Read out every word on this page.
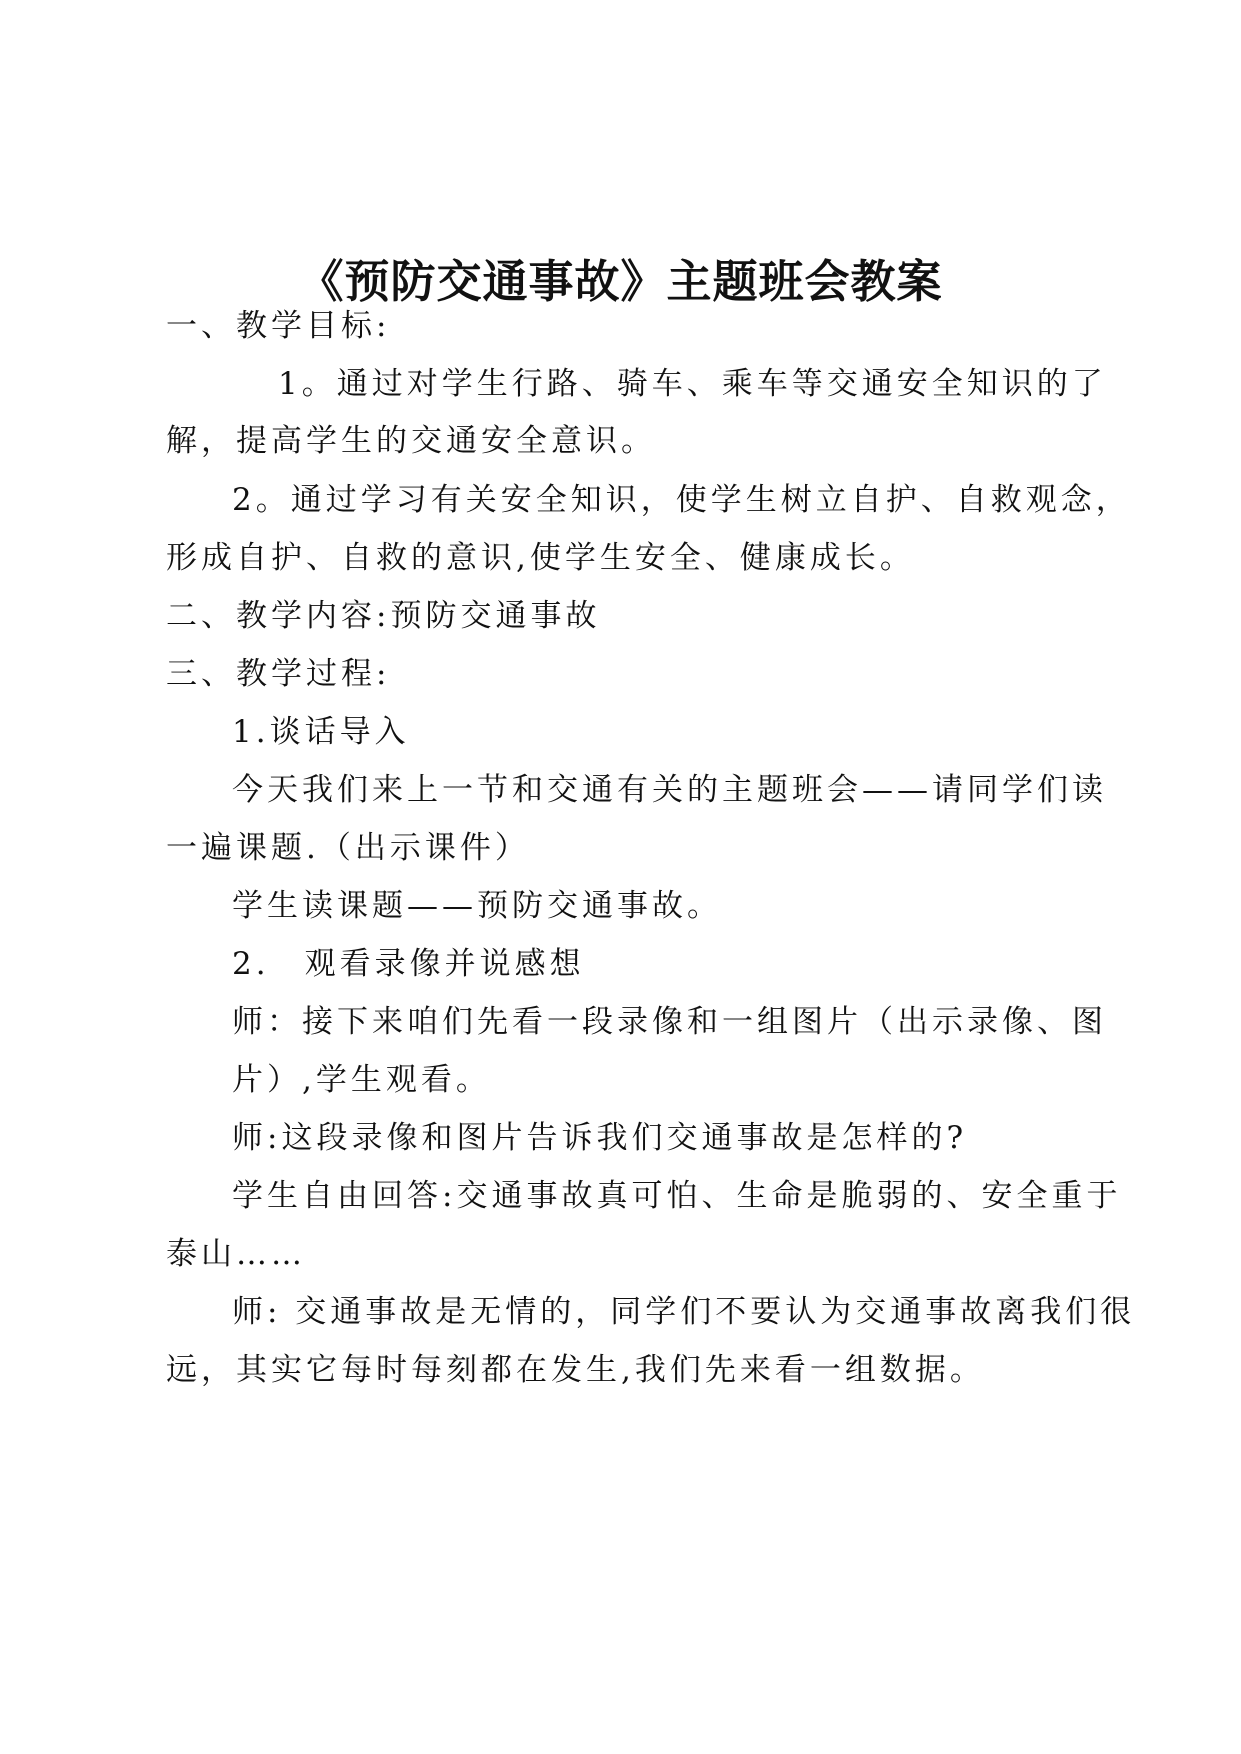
《预防交通事故》主题班会教案

一、教学目标:

1。通过对学生行路、骑车、乘车等交通安全知识的了

解，提高学生的交通安全意识。

2。通过学习有关安全知识，使学生树立自护、自救观念，

形成自护、自救的意识,使学生安全、健康成长。

二、教学内容:预防交通事故

三、教学过程:

1.谈话导入

今天我们来上一节和交通有关的主题班会——请同学们读

一遍课题.（出示课件）

学生读课题——预防交通事故。

2.　观看录像并说感想

师：接下来咱们先看一段录像和一组图片（出示录像、图

片）,学生观看。

师:这段录像和图片告诉我们交通事故是怎样的?

学生自由回答:交通事故真可怕、生命是脆弱的、安全重于

泰山……

师: 交通事故是无情的，同学们不要认为交通事故离我们很

远，其实它每时每刻都在发生,我们先来看一组数据。
